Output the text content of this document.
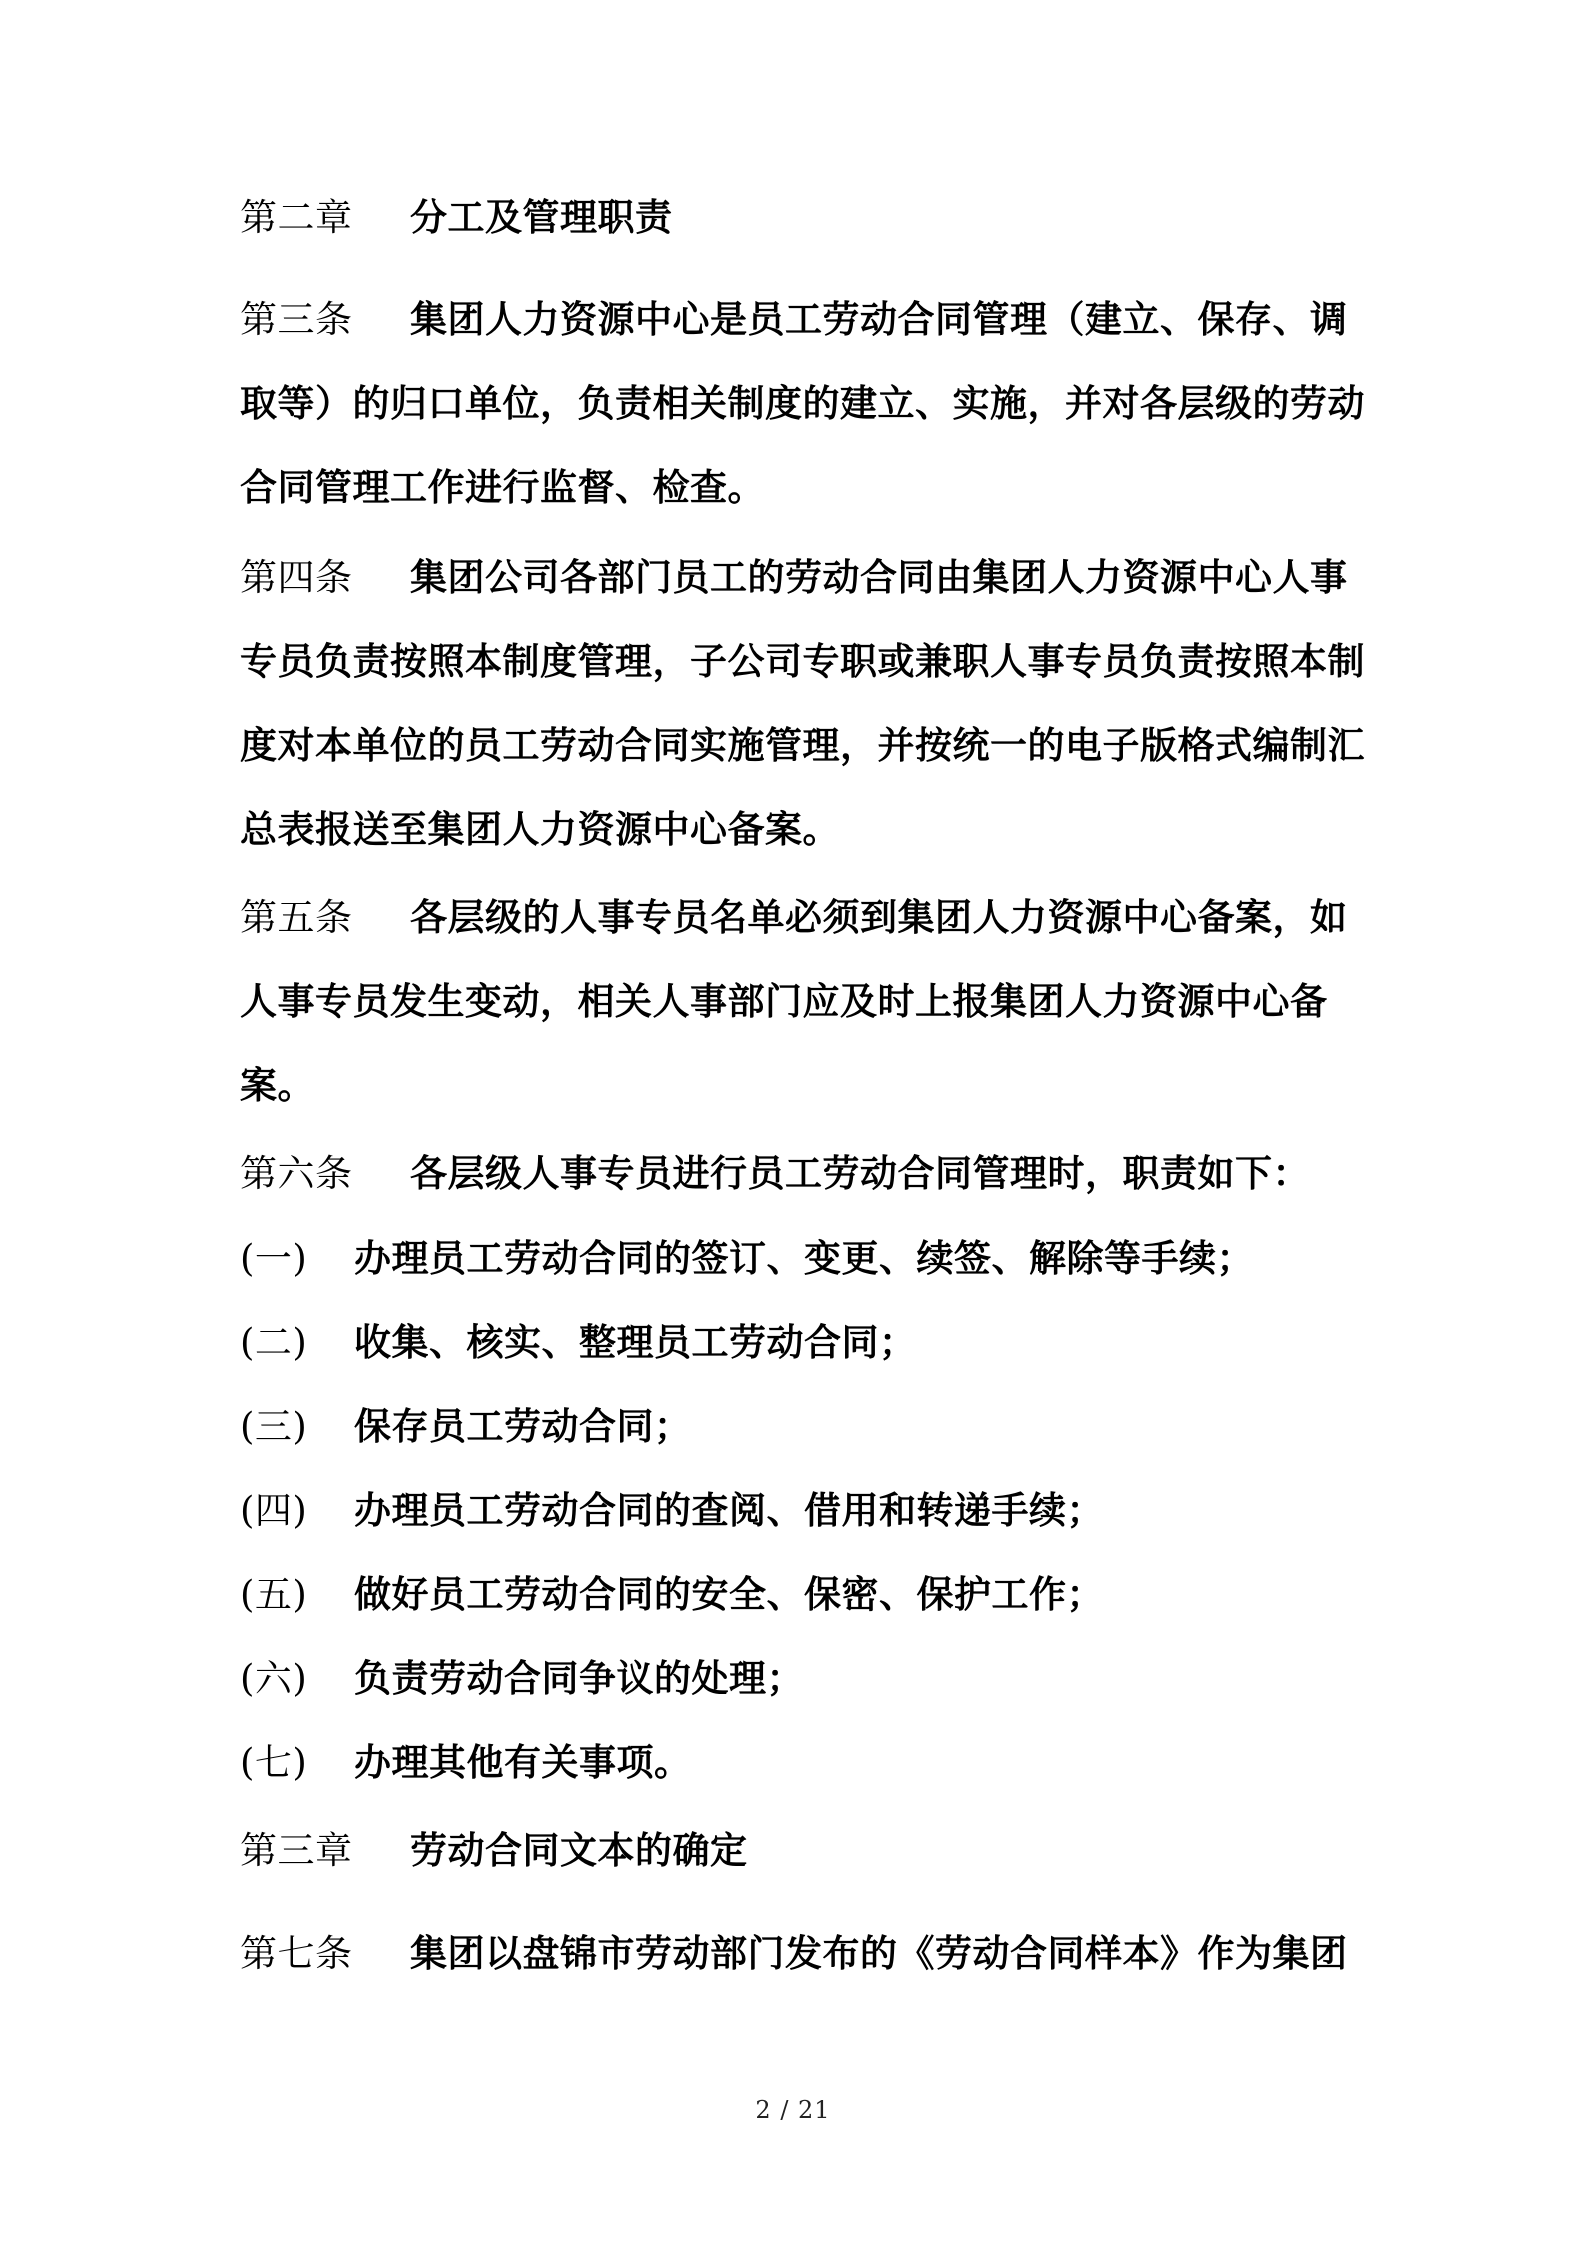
第二章 分工及管理职责
第三条 集团人力资源中心是员工劳动合同管理（建立、保存、调
取等）的归口单位，负责相关制度的建立、实施，并对各层级的劳动
合同管理工作进行监督、检查。
第四条 集团公司各部门员工的劳动合同由集团人力资源中心人事
专员负责按照本制度管理，子公司专职或兼职人事专员负责按照本制
度对本单位的员工劳动合同实施管理，并按统一的电子版格式编制汇
总表报送至集团人力资源中心备案。
第五条 各层级的人事专员名单必须到集团人力资源中心备案，如
人事专员发生变动，相关人事部门应及时上报集团人力资源中心备
案。
第六条 各层级人事专员进行员工劳动合同管理时，职责如下：
(一) 办理员工劳动合同的签订、变更、续签、解除等手续；
(二) 收集、核实、整理员工劳动合同；
(三) 保存员工劳动合同；
(四) 办理员工劳动合同的查阅、借用和转递手续；
(五) 做好员工劳动合同的安全、保密、保护工作；
(六) 负责劳动合同争议的处理；
(七) 办理其他有关事项。
第三章 劳动合同文本的确定
第七条 集团以盘锦市劳动部门发布的《劳动合同样本》作为集团
2 / 21
